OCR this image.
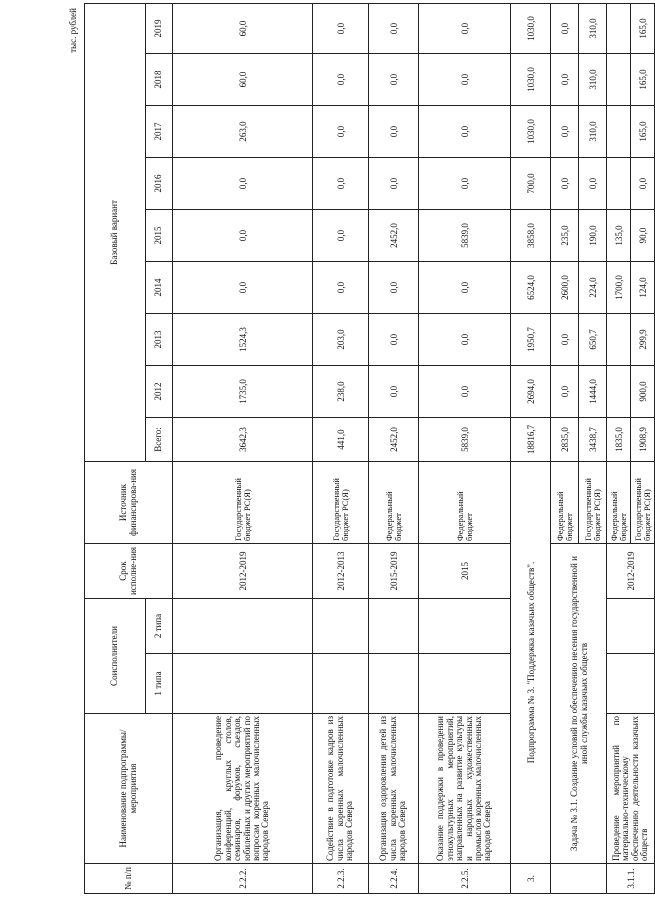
тыс. рублей
№ п/п	Наименование подпрограммы/мероприятия	Соисполнители		Срок исполне-ния	Источник финансирова-ния	Базовый вариант								
						Всего:	2012	2013	2014	2015	2016	2017	2018	2019
		1 типа	2 типа											
2.2.2.	Организация, проведение конференций, круглых столов, семинаров, форумов, съездов, юбилейных и других мероприятий по вопросам коренных малочисленных народов Севера			2012-2019	Государственный бюджет РС(Я)	3642,3	1735,0	1524,3	0,0	0,0	0,0	263,0	60,0	60,0
2.2.3.	Содействие в подготовке кадров из числа коренных малочисленных народов Севера			2012-2013	Государственный бюджет РС(Я)	441,0	238,0	203,0	0,0	0,0	0,0	0,0	0,0	0,0
2.2.4.	Организация оздоровления детей из числа коренных малочисленных народов Севера			2015-2019	Федеральный бюджет	2452,0	0,0	0,0	0,0	2452,0	0,0	0,0	0,0	0,0
2.2.5.	Оказание поддержки в проведении этнокультурных мероприятий, направленных на развитие культуры и народных художественных промыслов коренных малочисленных народов Севера			2015	Федеральный бюджет	5839,0	0,0	0,0	0,0	5839,0	0,0	0,0	0,0	0,0
3.	Подпрограмма № 3. "Поддержка казачьих обществ".					18816,7	2694,0	1950,7	6524,0	3858,0	700,0	1030,0	1030,0	1030,0
	Задача № 3.1. Создание условий по обеспечению несения государственной и иной службы казачьих обществ				Федеральный бюджет	2835,0	0,0	0,0	2600,0	235,0	0,0	0,0	0,0	0,0
					Государственный бюджет РС(Я)	3438,7	1444,0	650,7	224,0	190,0	0,0	310,0	310,0	310,0
3.1.1.	Проведение мероприятий по материально-техническому обеспечению деятельности казачьих обществ			2012-2019	Федеральный бюджет	1835,0			1700,0	135,0				
					Государственный бюджет РС(Я)	1908,9	900,0	299,9	124,0	90,0	0,0	165,0	165,0	165,0
